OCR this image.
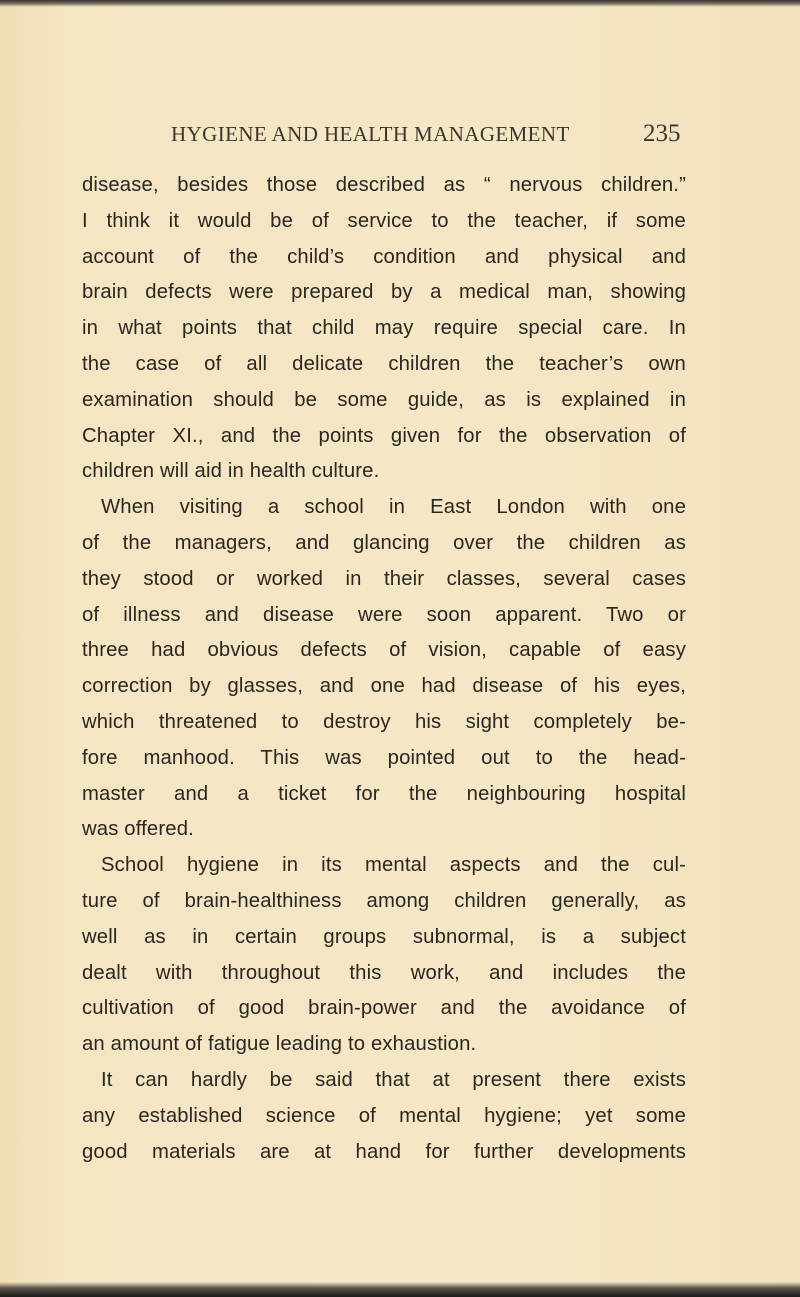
HYGIENE AND HEALTH MANAGEMENT	235
disease, besides those described as “ nervous children.”
I think it would be of service to the teacher, if some
account of the child’s condition and physical and
brain defects were prepared by a medical man, showing
in what points that child may require special care. In
the case of all delicate children the teacher’s own
examination should be some guide, as is explained in
Chapter XI., and the points given for the observation of
children will aid in health culture.
When visiting a school in East London with one
of the managers, and glancing over the children as
they stood or worked in their classes, several cases
of illness and disease were soon apparent. Two or
three had obvious defects of vision, capable of easy
correction by glasses, and one had disease of his eyes,
which threatened to destroy his sight completely be-
fore manhood. This was pointed out to the head-
master and a ticket for the neighbouring hospital
was offered.
School hygiene in its mental aspects and the cul-
ture of brain-healthiness among children generally, as
well as in certain groups subnormal, is a subject
dealt with throughout this work, and includes the
cultivation of good brain-power and the avoidance of
an amount of fatigue leading to exhaustion.
It can hardly be said that at present there exists
any established science of mental hygiene; yet some
good materials are at hand for further developments
